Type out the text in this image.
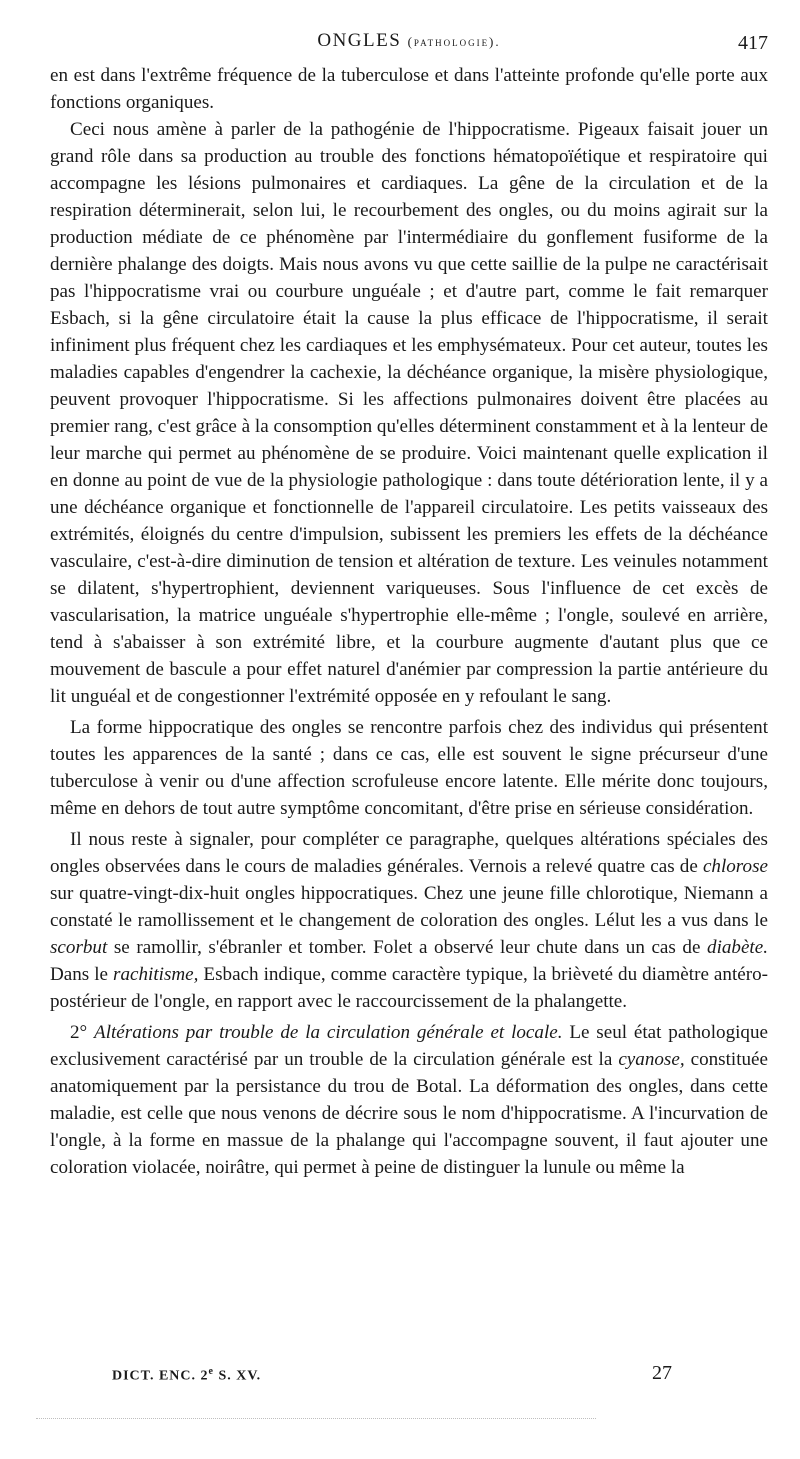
ONGLES (pathologie).	417

en est dans l'extrême fréquence de la tuberculose et dans l'atteinte profonde qu'elle porte aux fonctions organiques.

Ceci nous amène à parler de la pathogénie de l'hippocratisme. Pigeaux faisait jouer un grand rôle dans sa production au trouble des fonctions hématopoïétique et respiratoire qui accompagne les lésions pulmonaires et cardiaques. La gêne de la circulation et de la respiration déterminerait, selon lui, le recourbement des ongles, ou du moins agirait sur la production médiate de ce phénomène par l'intermédiaire du gonflement fusiforme de la dernière phalange des doigts. Mais nous avons vu que cette saillie de la pulpe ne caractérisait pas l'hippocratisme vrai ou courbure unguéale ; et d'autre part, comme le fait remarquer Esbach, si la gêne circulatoire était la cause la plus efficace de l'hippocratisme, il serait infiniment plus fréquent chez les cardiaques et les emphysémateux. Pour cet auteur, toutes les maladies capables d'engendrer la cachexie, la déchéance organique, la misère physiologique, peuvent provoquer l'hippocratisme. Si les affections pulmonaires doivent être placées au premier rang, c'est grâce à la consomption qu'elles déterminent constamment et à la lenteur de leur marche qui permet au phénomène de se produire. Voici maintenant quelle explication il en donne au point de vue de la physiologie pathologique : dans toute détérioration lente, il y a une déchéance organique et fonctionnelle de l'appareil circulatoire. Les petits vaisseaux des extrémités, éloignés du centre d'impulsion, subissent les premiers les effets de la déchéance vasculaire, c'est-à-dire diminution de tension et altération de texture. Les veinules notamment se dilatent, s'hypertrophient, deviennent variqueuses. Sous l'influence de cet excès de vascularisation, la matrice unguéale s'hypertrophie elle-même ; l'ongle, soulevé en arrière, tend à s'abaisser à son extrémité libre, et la courbure augmente d'autant plus que ce mouvement de bascule a pour effet naturel d'anémier par compression la partie antérieure du lit unguéal et de congestionner l'extrémité opposée en y refoulant le sang.

La forme hippocratique des ongles se rencontre parfois chez des individus qui présentent toutes les apparences de la santé ; dans ce cas, elle est souvent le signe précurseur d'une tuberculose à venir ou d'une affection scrofuleuse encore latente. Elle mérite donc toujours, même en dehors de tout autre symptôme concomitant, d'être prise en sérieuse considération.

Il nous reste à signaler, pour compléter ce paragraphe, quelques altérations spéciales des ongles observées dans le cours de maladies générales. Vernois a relevé quatre cas de chlorose sur quatre-vingt-dix-huit ongles hippocratiques. Chez une jeune fille chlorotique, Niemann a constaté le ramollissement et le changement de coloration des ongles. Lélut les a vus dans le scorbut se ramollir, s'ébranler et tomber. Folet a observé leur chute dans un cas de diabète. Dans le rachitisme, Esbach indique, comme caractère typique, la brièveté du diamètre antéro-postérieur de l'ongle, en rapport avec le raccourcissement de la phalangette.

2° Altérations par trouble de la circulation générale et locale. Le seul état pathologique exclusivement caractérisé par un trouble de la circulation générale est la cyanose, constituée anatomiquement par la persistance du trou de Botal. La déformation des ongles, dans cette maladie, est celle que nous venons de décrire sous le nom d'hippocratisme. A l'incurvation de l'ongle, à la forme en massue de la phalange qui l'accompagne souvent, il faut ajouter une coloration violacée, noirâtre, qui permet à peine de distinguer la lunule ou même la

DICT. ENC. 2e S. XV.	27
